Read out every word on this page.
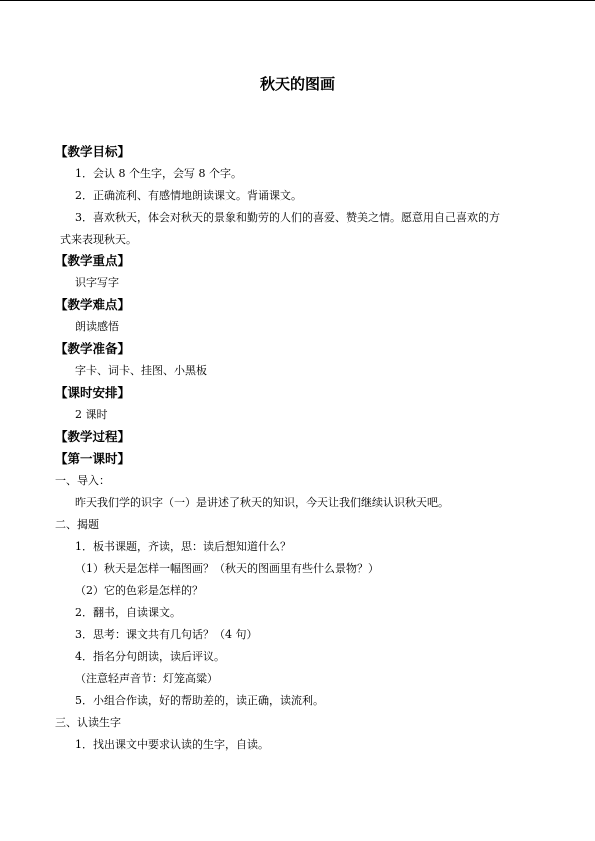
秋天的图画
【教学目标】
1．会认 8 个生字，会写 8 个字。
2．正确流利、有感情地朗读课文。背诵课文。
3．喜欢秋天，体会对秋天的景象和勤劳的人们的喜爱、赞美之情。愿意用自己喜欢的方
式来表现秋天。
【教学重点】
识字写字
【教学难点】
朗读感悟
【教学准备】
字卡、词卡、挂图、小黑板
【课时安排】
2 课时
【教学过程】
【第一课时】
一、导入：
昨天我们学的识字（一）是讲述了秋天的知识，今天让我们继续认识秋天吧。
二、揭题
1．板书课题，齐读，思：读后想知道什么？
（1）秋天是怎样一幅图画？（秋天的图画里有些什么景物？）
（2）它的色彩是怎样的？
2．翻书，自读课文。
3．思考：课文共有几句话？（4 句）
4．指名分句朗读，读后评议。
（注意轻声音节：灯笼高粱）
5．小组合作读，好的帮助差的，读正确，读流利。
三、认读生字
1．找出课文中要求认读的生字，自读。
